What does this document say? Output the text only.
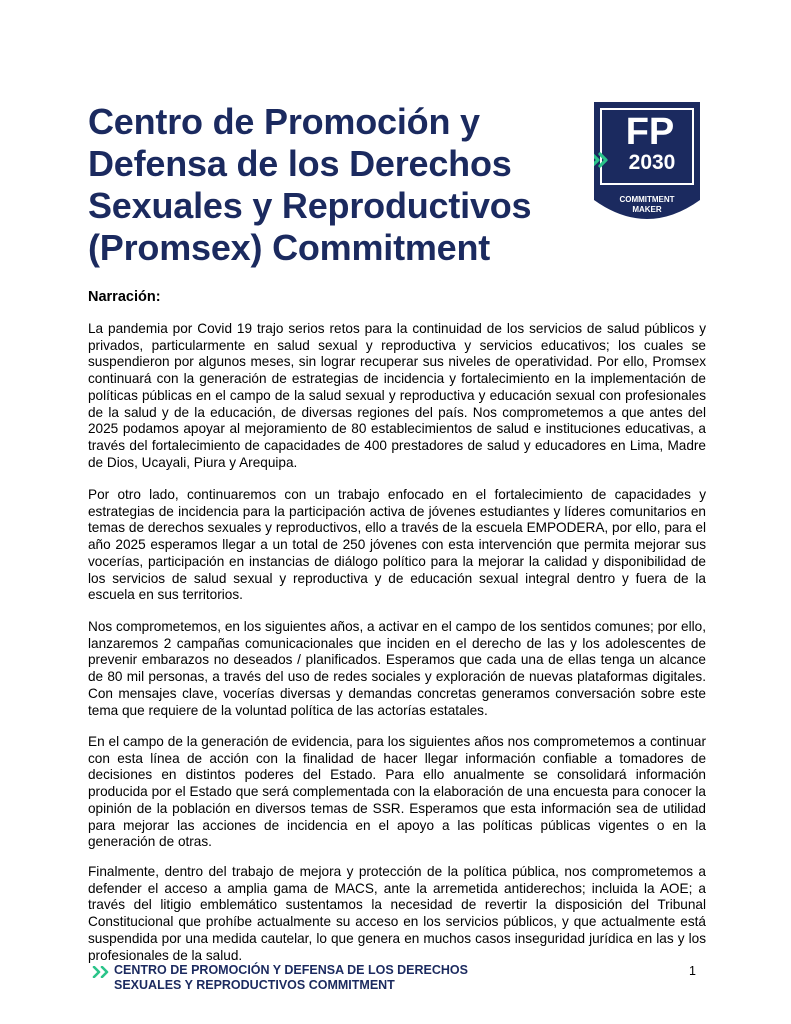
Centro de Promoción y Defensa de los Derechos Sexuales y Reproductivos (Promsex) Commitment
FP
2030
COMMITMENT
MAKER
Narración:

La pandemia por Covid 19 trajo serios retos para la continuidad de los servicios de salud públicos y privados, particularmente en salud sexual y reproductiva y servicios educativos; los cuales se suspendieron por algunos meses, sin lograr recuperar sus niveles de operatividad. Por ello, Promsex continuará con la generación de estrategias de incidencia y fortalecimiento en la implementación de políticas públicas en el campo de la salud sexual y reproductiva y educación sexual con profesionales de la salud y de la educación, de diversas regiones del país. Nos comprometemos a que antes del 2025 podamos apoyar al mejoramiento de 80 establecimientos de salud e instituciones educativas, a través del fortalecimiento de capacidades de 400 prestadores de salud y educadores en Lima, Madre de Dios, Ucayali, Piura y Arequipa.

Por otro lado, continuaremos con un trabajo enfocado en el fortalecimiento de capacidades y estrategias de incidencia para la participación activa de jóvenes estudiantes y líderes comunitarios en temas de derechos sexuales y reproductivos, ello a través de la escuela EMPODERA, por ello, para el año 2025 esperamos llegar a un total de 250 jóvenes con esta intervención que permita mejorar sus vocerías, participación en instancias de diálogo político para la mejorar la calidad y disponibilidad de los servicios de salud sexual y reproductiva y de educación sexual integral dentro y fuera de la escuela en sus territorios.

Nos comprometemos, en los siguientes años, a activar en el campo de los sentidos comunes; por ello, lanzaremos 2 campañas comunicacionales que inciden en el derecho de las y los adolescentes de prevenir embarazos no deseados / planificados. Esperamos que cada una de ellas tenga un alcance de 80 mil personas, a través del uso de redes sociales y exploración de nuevas plataformas digitales. Con mensajes clave, vocerías diversas y demandas concretas generamos conversación sobre este tema que requiere de la voluntad política de las actorías estatales.

En el campo de la generación de evidencia, para los siguientes años nos comprometemos a continuar con esta línea de acción con la finalidad de hacer llegar información confiable a tomadores de decisiones en distintos poderes del Estado. Para ello anualmente se consolidará información producida por el Estado que será complementada con la elaboración de una encuesta para conocer la opinión de la población en diversos temas de SSR. Esperamos que esta información sea de utilidad para mejorar las acciones de incidencia en el apoyo a las políticas públicas vigentes o en la generación de otras.

Finalmente, dentro del trabajo de mejora y protección de la política pública, nos comprometemos a defender el acceso a amplia gama de MACS, ante la arremetida antiderechos; incluida la AOE; a través del litigio emblemático sustentamos la necesidad de revertir la disposición del Tribunal Constitucional que prohíbe actualmente su acceso en los servicios públicos, y que actualmente está suspendida por una medida cautelar, lo que genera en muchos casos inseguridad jurídica en las y los profesionales de la salud.

CENTRO DE PROMOCIÓN Y DEFENSA DE LOS DERECHOS
SEXUALES Y REPRODUCTIVOS COMMITMENT

1
